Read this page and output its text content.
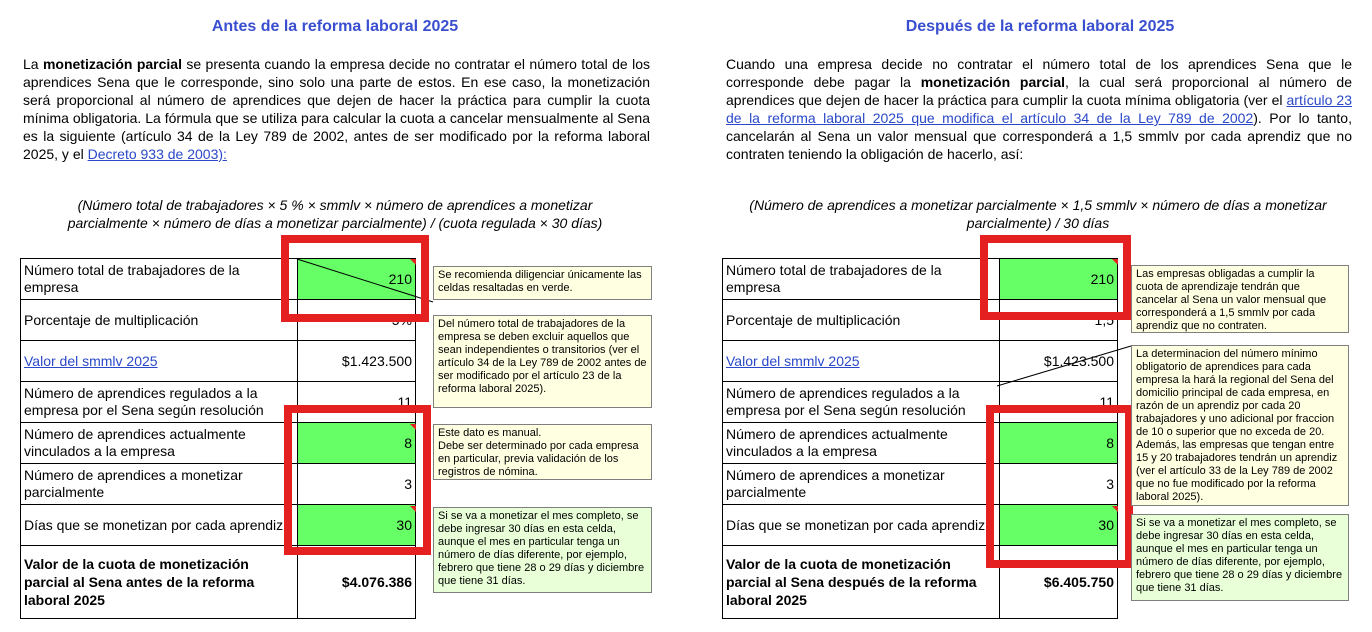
Antes de la reforma laboral 2025
La monetización parcial se presenta cuando la empresa decide no contratar el número total de los aprendices Sena que le corresponde, sino solo una parte de estos. En ese caso, la monetización será proporcional al número de aprendices que dejen de hacer la práctica para cumplir la cuota mínima obligatoria. La fórmula que se utiliza para calcular la cuota a cancelar mensualmente al Sena es la siguiente (artículo 34 de la Ley 789 de 2002, antes de ser modificado por la reforma laboral 2025, y el Decreto 933 de 2003):
(Número total de trabajadores × 5 % × smmlv × número de aprendices a monetizar parcialmente × número de días a monetizar parcialmente) / (cuota regulada × 30 días)
Número total de trabajadores de la empresa	210
Porcentaje de multiplicación	5%
Valor del smmlv 2025	$1.423.500
Número de aprendices regulados a la empresa por el Sena según resolución	11
Número de aprendices actualmente vinculados a la empresa	8
Número de aprendices a monetizar parcialmente	3
Días que se monetizan por cada aprendiz	30
Valor de la cuota de monetización parcial al Sena antes de la reforma laboral 2025	$4.076.386
Se recomienda diligenciar únicamente las celdas resaltadas en verde.
Del número total de trabajadores de la empresa se deben excluir aquellos que sean independientes o transitorios (ver el artículo 34 de la Ley 789 de 2002 antes de ser modificado por el artículo 23 de la reforma laboral 2025).
Este dato es manual.
Debe ser determinado por cada empresa en particular, previa validación de los registros de nómina.
Si se va a monetizar el mes completo, se debe ingresar 30 días en esta celda, aunque el mes en particular tenga un número de días diferente, por ejemplo, febrero que tiene 28 o 29 días y diciembre que tiene 31 días.
Después de la reforma laboral 2025
Cuando una empresa decide no contratar el número total de los aprendices Sena que le corresponde debe pagar la monetización parcial, la cual será proporcional al número de aprendices que dejen de hacer la práctica para cumplir la cuota mínima obligatoria (ver el artículo 23 de la reforma laboral 2025 que modifica el artículo 34 de la Ley 789 de 2002). Por lo tanto, cancelarán al Sena un valor mensual que corresponderá a 1,5 smmlv por cada aprendiz que no contraten teniendo la obligación de hacerlo, así:
(Número de aprendices a monetizar parcialmente × 1,5 smmlv × número de días a monetizar parcialmente) / 30 días
Número total de trabajadores de la empresa	210
Porcentaje de multiplicación	1,5
Valor del smmlv 2025	$1.423.500
Número de aprendices regulados a la empresa por el Sena según resolución	11
Número de aprendices actualmente vinculados a la empresa	8
Número de aprendices a monetizar parcialmente	3
Días que se monetizan por cada aprendiz	30
Valor de la cuota de monetización parcial al Sena después de la reforma laboral 2025	$6.405.750
Las empresas obligadas a cumplir la cuota de aprendizaje tendrán que cancelar al Sena un valor mensual que corresponderá a 1,5 smmlv por cada aprendiz que no contraten.
La determinacion del número mínimo obligatorio de aprendices para cada empresa la hará la regional del Sena del domicilio principal de cada empresa, en razón de un aprendiz por cada 20 trabajadores y uno adicional por fraccion de 10 o superior que no exceda de 20. Además, las empresas que tengan entre 15 y 20 trabajadores tendrán un aprendiz (ver el artículo 33 de la Ley 789 de 2002 que no fue modificado por la reforma laboral 2025).
Si se va a monetizar el mes completo, se debe ingresar 30 días en esta celda, aunque el mes en particular tenga un número de días diferente, por ejemplo, febrero que tiene 28 o 29 días y diciembre que tiene 31 días.
